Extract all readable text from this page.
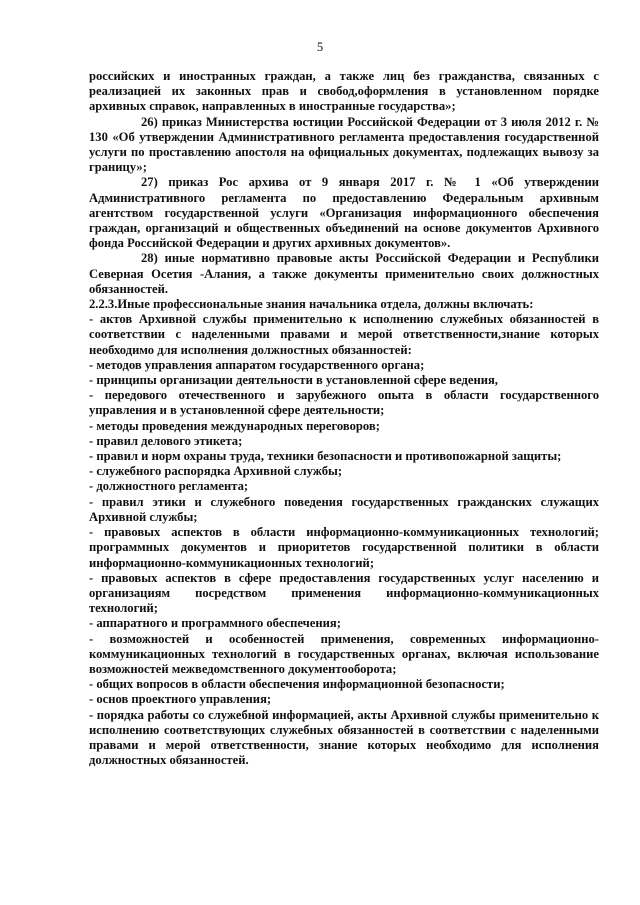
5

российских и иностранных граждан, а также лиц без гражданства, связанных с реализацией их законных прав и свобод,оформления в установленном порядке архивных справок, направленных в иностранные государства»;

26) приказ Министерства юстиции Российской Федерации от 3 июля 2012 г. № 130 «Об утверждении Административного регламента предоставления государственной услуги по проставлению апостоля на официальных документах, подлежащих вывозу за границу»;

27) приказ Рос архива от 9 января 2017 г. № 1 «Об утверждении Административного регламента по предоставлению Федеральным архивным агентством государственной услуги «Организация информационного обеспечения граждан, организаций и общественных объединений на основе документов Архивного фонда Российской Федерации и других архивных документов».

28) иные нормативно правовые акты Российской Федерации и Республики Северная Осетия -Алания, а также документы применительно своих должностных обязанностей.

2.2.3.Иные профессиональные знания начальника отдела, должны включать:

- актов Архивной службы применительно к исполнению служебных обязанностей в соответствии с наделенными правами и мерой ответственности,знание которых необходимо для исполнения должностных обязанностей:

- методов управления аппаратом государственного органа;

- принципы организации деятельности в установленной сфере ведения,

- передового отечественного и зарубежного опыта в области государственного управления и в установленной сфере деятельности;

- методы проведения международных переговоров;

- правил делового этикета;

- правил и норм охраны труда, техники безопасности и противопожарной защиты;

- служебного распорядка Архивной службы;

- должностного регламента;

- правил этики и служебного поведения государственных гражданских служащих Архивной службы;

- правовых аспектов в области информационно-коммуникационных технологий; программных документов и приоритетов государственной политики в области информационно-коммуникационных технологий;

- правовых аспектов в сфере предоставления государственных услуг населению и организациям посредством применения информационно-коммуникационных технологий;

- аппаратного и программного обеспечения;

- возможностей и особенностей применения, современных информационно-коммуникационных технологий в государственных органах, включая использование возможностей межведомственного документооборота;

- общих вопросов в области обеспечения информационной безопасности;

- основ проектного управления;

- порядка работы со служебной информацией, акты Архивной службы применительно к исполнению соответствующих служебных обязанностей в соответствии с наделенными правами и мерой ответственности, знание которых необходимо для исполнения должностных обязанностей.
